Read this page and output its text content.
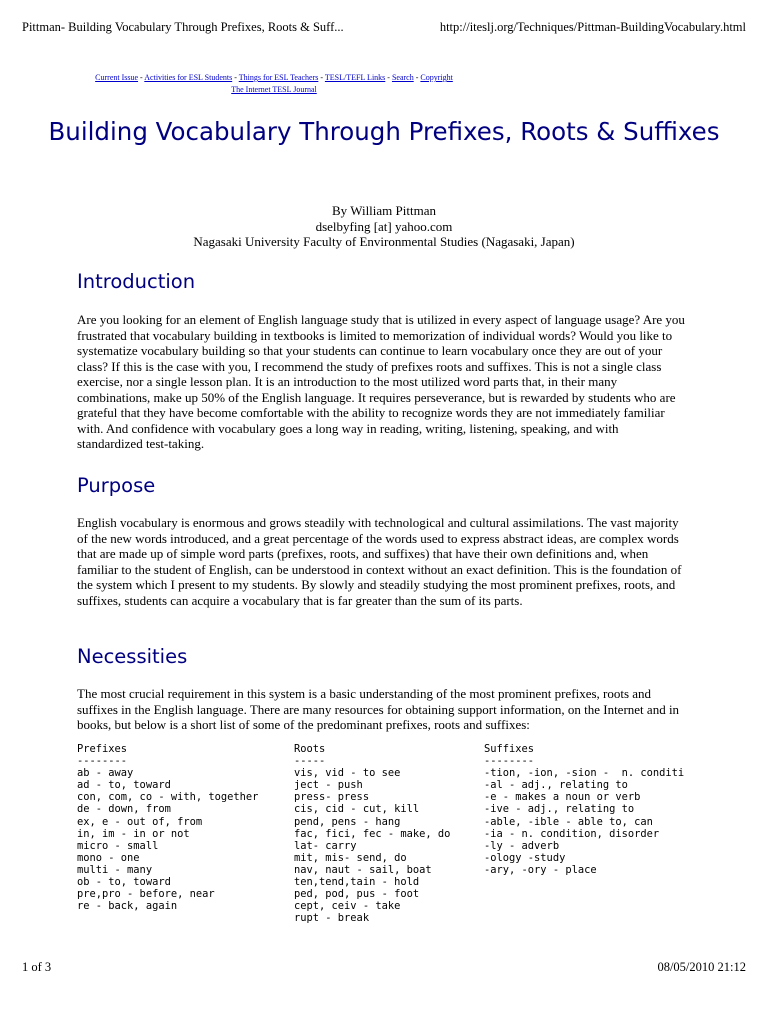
Pittman- Building Vocabulary Through Prefixes, Roots & Suff...	http://iteslj.org/Techniques/Pittman-BuildingVocabulary.html
Current Issue - Activities for ESL Students - Things for ESL Teachers - TESL/TEFL Links - Search - Copyright
The Internet TESL Journal
Building Vocabulary Through Prefixes, Roots & Suffixes
By William Pittman
dselbyfing [at] yahoo.com
Nagasaki University Faculty of Environmental Studies (Nagasaki, Japan)
Introduction

Are you looking for an element of English language study that is utilized in every aspect of language usage? Are you frustrated that vocabulary building in textbooks is limited to memorization of individual words? Would you like to systematize vocabulary building so that your students can continue to learn vocabulary once they are out of your class? If this is the case with you, I recommend the study of prefixes roots and suffixes. This is not a single class exercise, nor a single lesson plan. It is an introduction to the most utilized word parts that, in their many combinations, make up 50% of the English language. It requires perseverance, but is rewarded by students who are grateful that they have become comfortable with the ability to recognize words they are not immediately familiar with. And confidence with vocabulary goes a long way in reading, writing, listening, speaking, and with standardized test-taking.

Purpose

English vocabulary is enormous and grows steadily with technological and cultural assimilations. The vast majority of the new words introduced, and a great percentage of the words used to express abstract ideas, are complex words that are made up of simple word parts (prefixes, roots, and suffixes) that have their own definitions and, when familiar to the student of English, can be understood in context without an exact definition. This is the foundation of the system which I present to my students. By slowly and steadily studying the most prominent prefixes, roots, and suffixes, students can acquire a vocabulary that is far greater than the sum of its parts.

Necessities

The most crucial requirement in this system is a basic understanding of the most prominent prefixes, roots and suffixes in the English language. There are many resources for obtaining support information, on the Internet and in books, but below is a short list of some of the predominant prefixes, roots and suffixes:

Prefixes
--------
ab - away
ad - to, toward
con, com, co - with, together
de - down, from
ex, e - out of, from
in, im - in or not
micro - small
mono - one
multi - many
ob - to, toward
pre,pro - before, near
re - back, again
Roots
-----
vis, vid - to see
ject - push
press- press
cis, cid - cut, kill
pend, pens - hang
fac, fici, fec - make, do
lat- carry
mit, mis- send, do
nav, naut - sail, boat
ten,tend,tain - hold
ped, pod, pus - foot
cept, ceiv - take
rupt - break
Suffixes
--------
-tion, -ion, -sion -  n. conditi
-al - adj., relating to
-e - makes a noun or verb
-ive - adj., relating to
-able, -ible - able to, can
-ia - n. condition, disorder
-ly - adverb
-ology -study
-ary, -ory - place
1 of 3	08/05/2010 21:12
